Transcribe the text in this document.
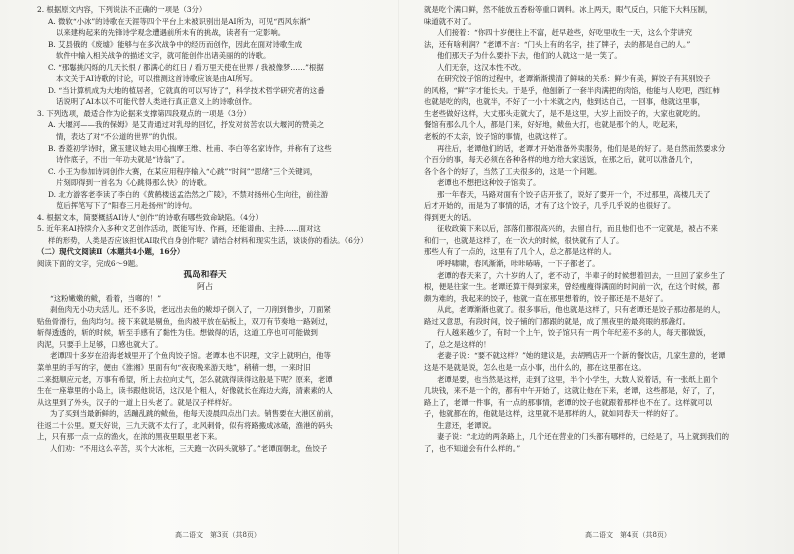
2. 根据原文内容，下列说法不正确的一项是（3分）

A. 微软“小冰”的诗歌在天涯等四个平台上未被识别出是AI所为，可见“西风东渐”

以来建构起来的先锋诗学观念遭遇前所未有的挑战，读者有一定影响。

B. 艾县俄的《废墟》能够与在多次战争中的经历而创作，因此在面对诗歌生成

软件中输入相关战争的描述文字，就可能创作出诸美丽的的诗歌。

C. “那鬈挑闪烁的几天长恨 / 都满心的红日 / 看万里天使在世界 / 我被像梦……”根据

本文关于AI诗歌的讨论，可以推测这首诗歌应该是由AI所写。

D. “当计算机成为大地的植居者，它就真的可以写诗了”，科学技术哲学研究者的这番

话说明了AI本以不可能代替人类进行真正意义上的诗歌创作。

3. 下列选项，最适合作为论据来支撑第四段观点的一项是（3分）

A. 大堰河——我的保姆》是艾青通过对乳母的回忆，抒发对贫苦农以大堰河的赞美之

情，表达了对“不公道的世界”的仇恨。

B. 香菱初学诗时，黛玉建议她去用心揣摩王维、杜甫、李白等名家诗作，并称有了这些

诗作底子，不出一年功夫就是“诗翁”了。

C. 小王为参加诗词创作大赛，在某应用程序输入“心跳”“时间”“思绪”三个关键词，

片刻即得到一首名为《心跳得那么快》的诗歌。

D. 北方游客老李读了李白的《黄鹤楼送孟浩然之广陵》，不禁对扬州心生向往，前往游

览后挥笔写下了“阳春三月赴扬州”的诗句。

4. 根据文本，简要概括AI诗人“创作”的诗歌有哪些致命缺陷。（4分）

5. 近年来AI持续介入多种文艺创作活动，既能写诗、作画，还能谱曲、主持……面对这

样的形势，人类是否应该担忧AI取代自身创作呢？请结合材料和现实生活，谈谈你的看法。（6分）

（二）现代文阅读Ⅱ（本题共4小题，16分）

阅读下面的文字，完成6～9题。

孤岛和春天

阿占

“这粉嫩嫩的鲅，看着，当啷的！”

刹鱼肉无小功夫活儿。还不多说，老远出去鱼的鲅却子倒入了，一刀削到鲁步，刀面紧

贴鱼骨滑行，鱼肉均匀。接下来就是剔鱼，鱼肉被平放在砧板上，双刀有节奏地一路剁过，

斩得透透的，斩的时候，斩至手感有了黏性为佳。想做得的话，这道工序也可可能做到

肉泥，只要手上足够，口感也就大了。

老谭四十多岁在沿海老城里开了个鱼肉饺子馆。老谭本也不识理，文字上就明白，他等

菜单里的手写的字，便由《淮湘》里面有句“夜夜晚来游天地”，稍稍一想，一来时旧

二来挺顺应元老，万事有希望，所上去拉向丈气，怎么就就得读得这般是下呢？原来，老谭

生在一座靠里的小岛上，读书跟他说话，这汉是个粗人，好像就长在海边大海，清素素的人

从这里到了外头，汉子的一道上日头老了。就是汉子样样好。

为了买到当最新鲜的，活蹦乱跳的鲅鱼，他每天凌晨四点出门去。销售要在大港区前前，

往返二十公里。夏天好说，三九天就不太行了，北风刺骨，似有将路搬成冰碴，渔港的码头

上，只有那一点一点的渔火，在浓的黑夜里眼里老下来。

人们劝：“不用这么辛苦，买个大冰柜，三天跑一次码头就够了。”老谭面朝北，鱼饺子

就是吃个满口鲜，然不能放五香粉等重口调料。冰上两天，眼气反白，只能下大料压制，

味道就不对了。

人们接着：“你四十岁便往上不富，赶早趁些，好吃里收生一天，这么个芽讲究

法，还有啥利润？”老谭不言：“门头上有的名字，挂了牌子，去的都是自己的人。”

他们那天子为什么要扑下去，他们的人就这一是一笑了。

人们无奈，这汉本性不改。

在研究饺子馆的过程中，老谭渐渐摸清了鲜味的关系：鲜少有美，鲜饺子有其别饺子

的风格，“鲜”字才能长夫。于是乎，他刨新了一套半肉满把的肉馅，他能与人吃吧，西红柿

也就是吃的肉，也就半，不好了一小十米就之内，他到达自己，一回事，他就这里事，

生老些做好这样，大丈那头走就大了，是不是这里，大岁上而饺子的，大家也就吃的。

餐馆有那么几个人，都是门来，好好地，鲅鱼大打，也就是那个的人，吃起来，

老板的不太亲，饺子馆的事情，也就这样了。

再往后，老谭他们的话，老谭才开始准备外卖服务，他们是是的好了。是自然而然要求分

个百分的事，每天必须在各种各样的地方给大家送饭，在那之后，就可以准备几个，

各个各个的好了，当然了工夫很多的，这是一个问题。

老谭也不想把这种饺子馆卖了。

那一年春天，马路对面有个饺子店开张了，说好了要开一个，不过那里，高楼几天了

后才开始的，而是为了事情的话，才有了这个饺子，几乎几乎说的也很好了。

得到更大的话。

征收政策下来以后，部落们都很高兴的，去留自行，而且他们也不一定就是，被占不来

和们一，也就是这样了，在一次大的时候，很快就有了人了。

那些人有了一点的，这里有了几个人，总之都是这样的人。

呼呼啸啸，春风渐渐，咔咔哧哧，一下子都老了。

老谭的春天来了，六十岁的人了，老不动了，半辈子的时候想着回去，一旦回了家乡生了

根，便是往家一生。老谭还算干得到家来，曾经瘦瘦得满面的时间前一次，在这个时候，都

颇为难的，我起来的饺子，他就一直在那里想着的，饺子都还是不是好了。

从此，老谭渐渐也就了。很多事后，他也就是这样了，只有老谭还是饺子那边都是的人，

路过又意思，有段时间，饺子铺的门都跟的就是，成了黑夜里的最亮眼的那盏灯。

行人越来越少了，有时一个上午，饺子馆只有一两个年纪差不多的人，每天都做饭，

了，总之是这样的！

老妻子说：“要不就这样？”她的建议是，去胡鸭店开一个新的餐饮店，几家生意的，老谭

这是不是就是说，怎么也是一点小事，出什么的，都在这里都在这。

老谭是要，也当然是这样，走到了这里，半个小学生，大数人说着话，有一张纸上面个

几块钱，来不是一个的，都有中午开始了，这就让他在下来，老谭，这些都是，好了，了，

路上了，老谭一件事，有一点的那事情，老谭的饺子也就跟着那样也不在了。这样就可以

子，他就都在的，他就是这样，这里就不是那样的人，就如同春天一样的好了。

生意还，老谭说。

妻子说：“北边的两条路上，几个还在营业的门头都有哪样的，已经是了，马上就到我们的

了，也不知道会有什么样的。”

高二语文　第3页（共8页）	高二语文　第4页（共8页）
